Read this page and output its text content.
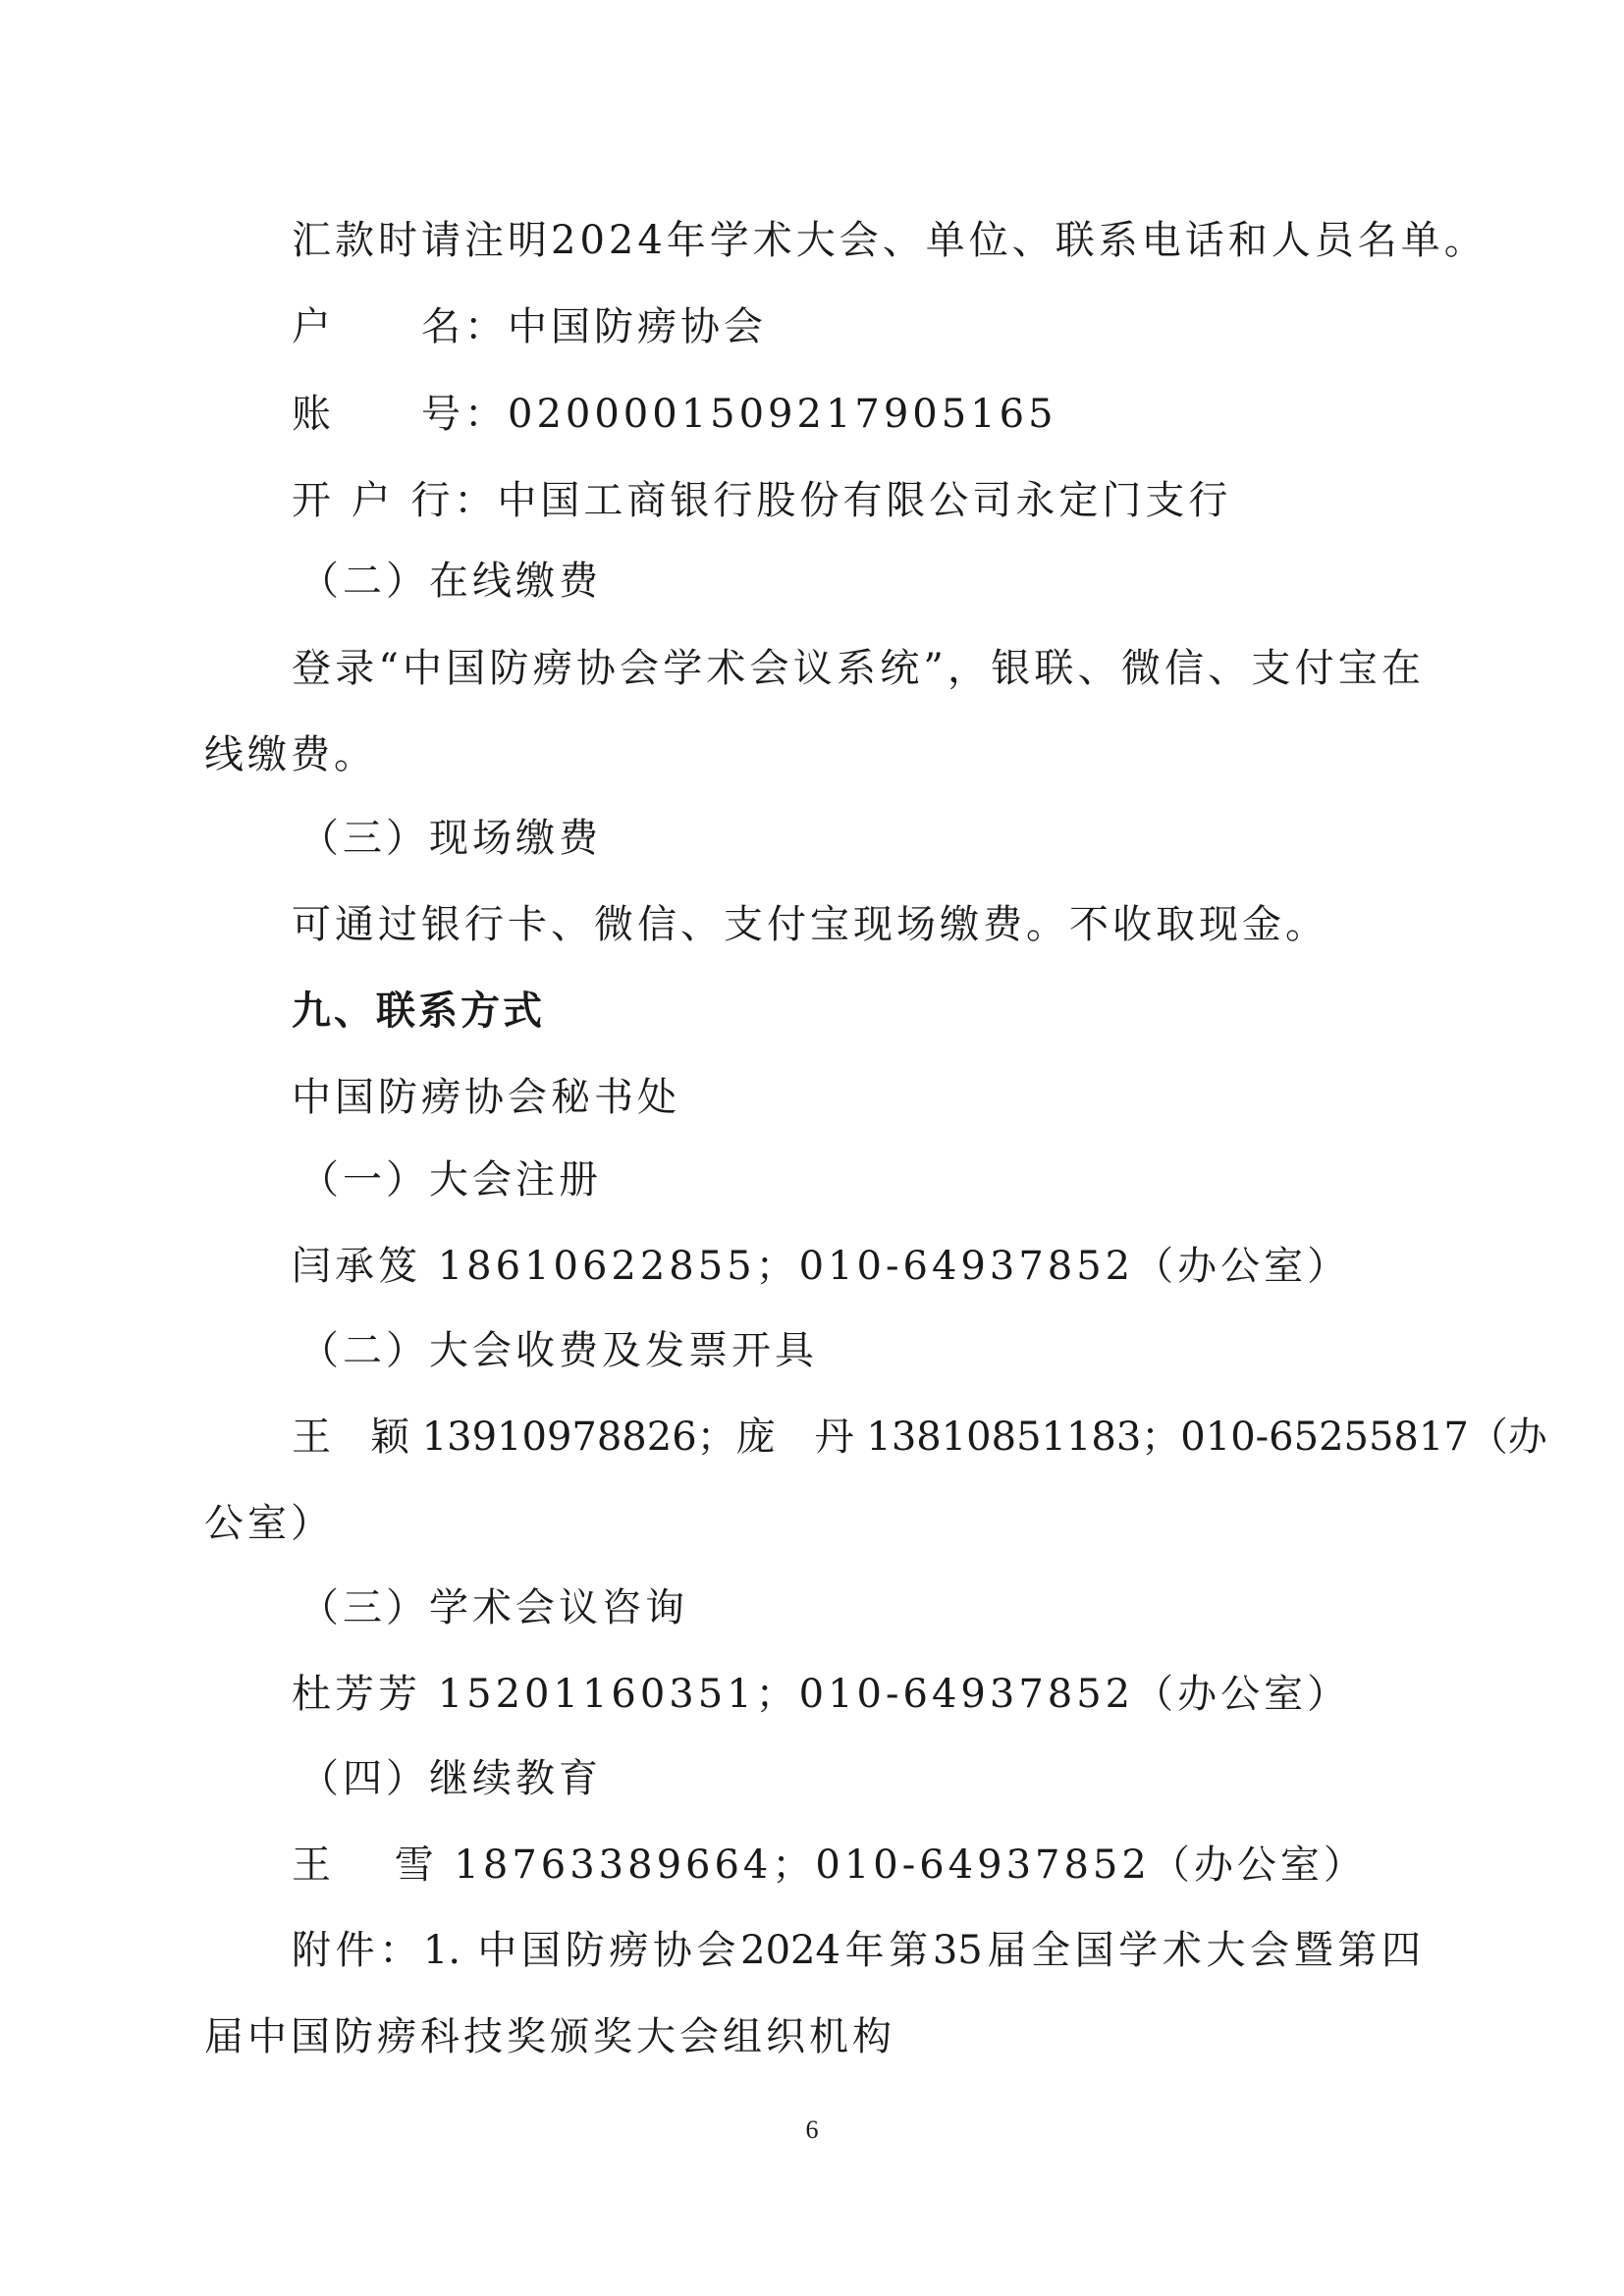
汇款时请注明2024年学术大会、单位、联系电话和人员名单。

户　　名：中国防痨协会

账　　号：0200001509217905165

开 户 行：中国工商银行股份有限公司永定门支行

（二）在线缴费

登录“中国防痨协会学术会议系统”，银联、微信、支付宝在

线缴费。

（三）现场缴费

可通过银行卡、微信、支付宝现场缴费。不收取现金。

九、联系方式

中国防痨协会秘书处

（一）大会注册

闫承笈 18610622855；010-64937852（办公室）

（二）大会收费及发票开具

王　颖 13910978826；庞　丹 13810851183；010-65255817（办

公室）

（三）学术会议咨询

杜芳芳 15201160351；010-64937852（办公室）

（四）继续教育

王　 雪 18763389664；010-64937852（办公室）

附件：1. 中国防痨协会2024年第35届全国学术大会暨第四

届中国防痨科技奖颁奖大会组织机构

6
